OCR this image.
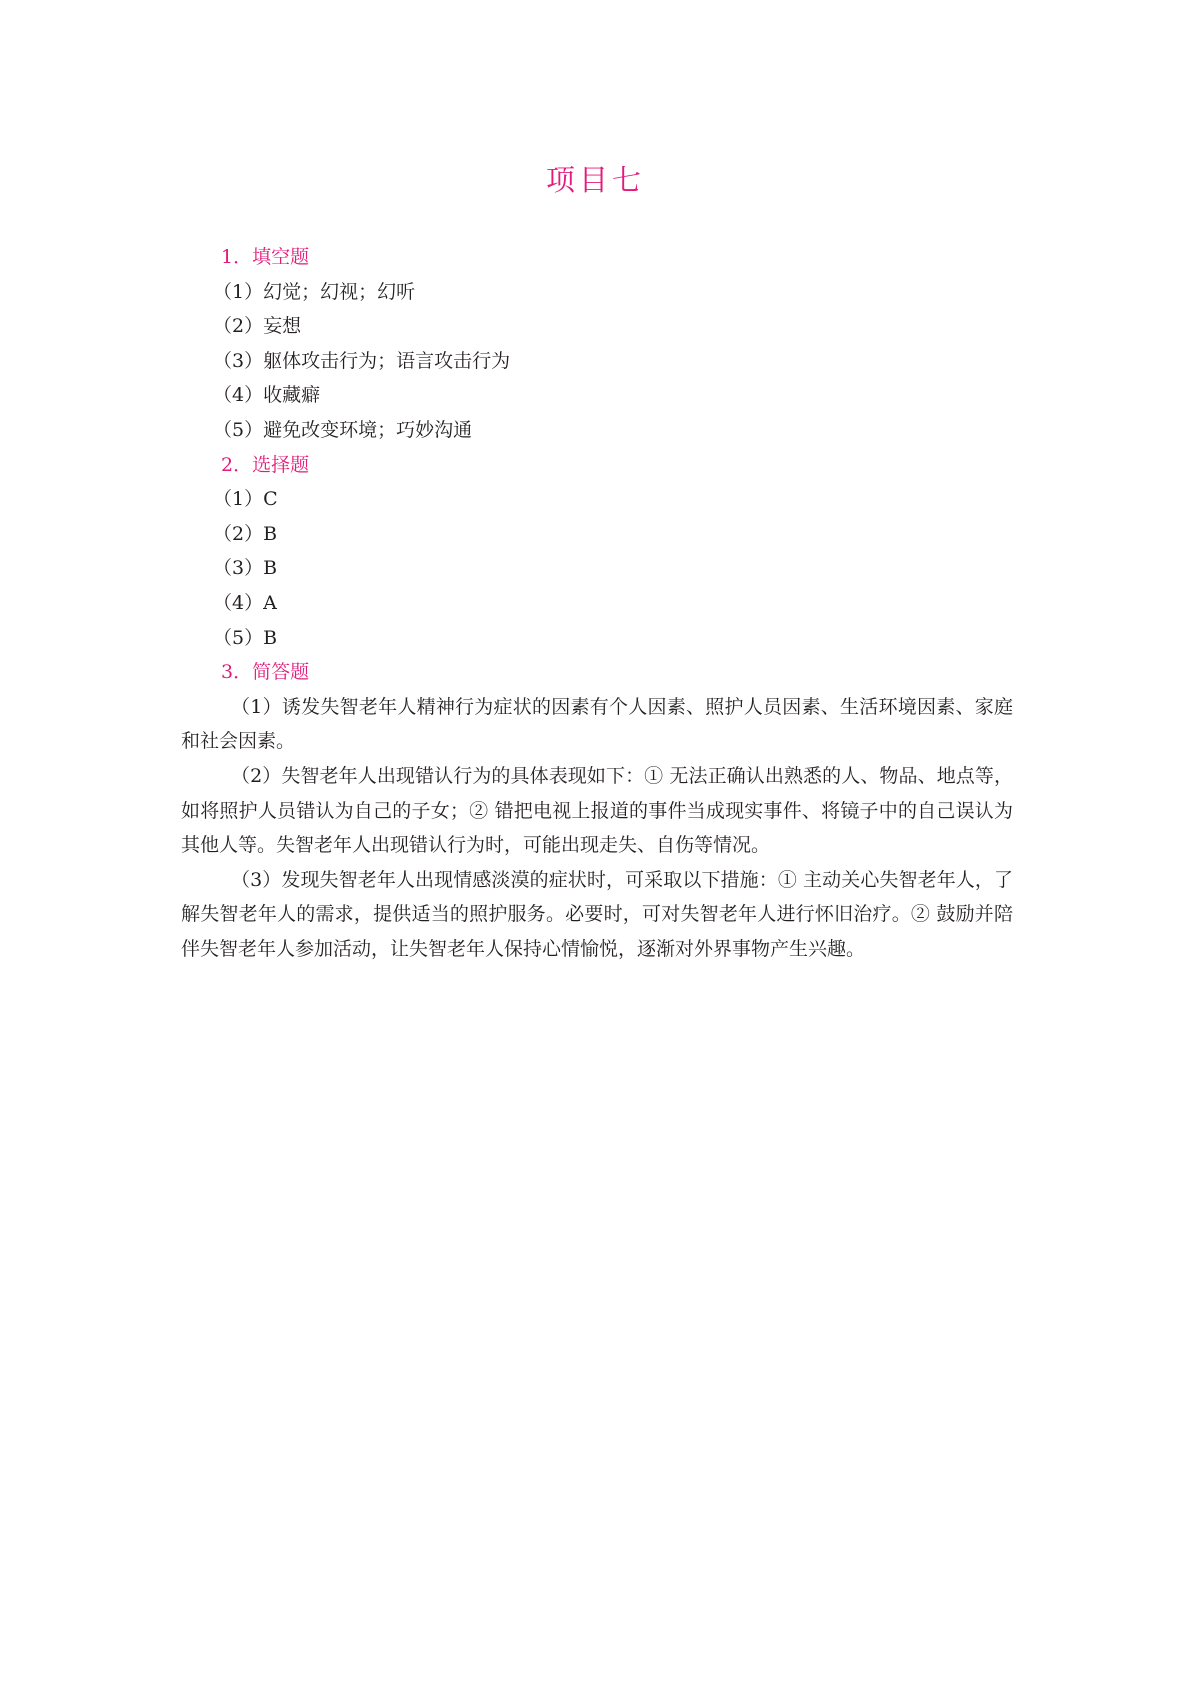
项目七

1．填空题

（1）幻觉；幻视；幻听

（2）妄想

（3）躯体攻击行为；语言攻击行为

（4）收藏癖

（5）避免改变环境；巧妙沟通

2．选择题

（1）C

（2）B

（3）B

（4）A

（5）B

3．简答题

（1）诱发失智老年人精神行为症状的因素有个人因素、照护人员因素、生活环境因素、家庭和社会因素。

（2）失智老年人出现错认行为的具体表现如下：① 无法正确认出熟悉的人、物品、地点等，如将照护人员错认为自己的子女；② 错把电视上报道的事件当成现实事件、将镜子中的自己误认为其他人等。失智老年人出现错认行为时，可能出现走失、自伤等情况。

（3）发现失智老年人出现情感淡漠的症状时，可采取以下措施：① 主动关心失智老年人，了解失智老年人的需求，提供适当的照护服务。必要时，可对失智老年人进行怀旧治疗。② 鼓励并陪伴失智老年人参加活动，让失智老年人保持心情愉悦，逐渐对外界事物产生兴趣。
